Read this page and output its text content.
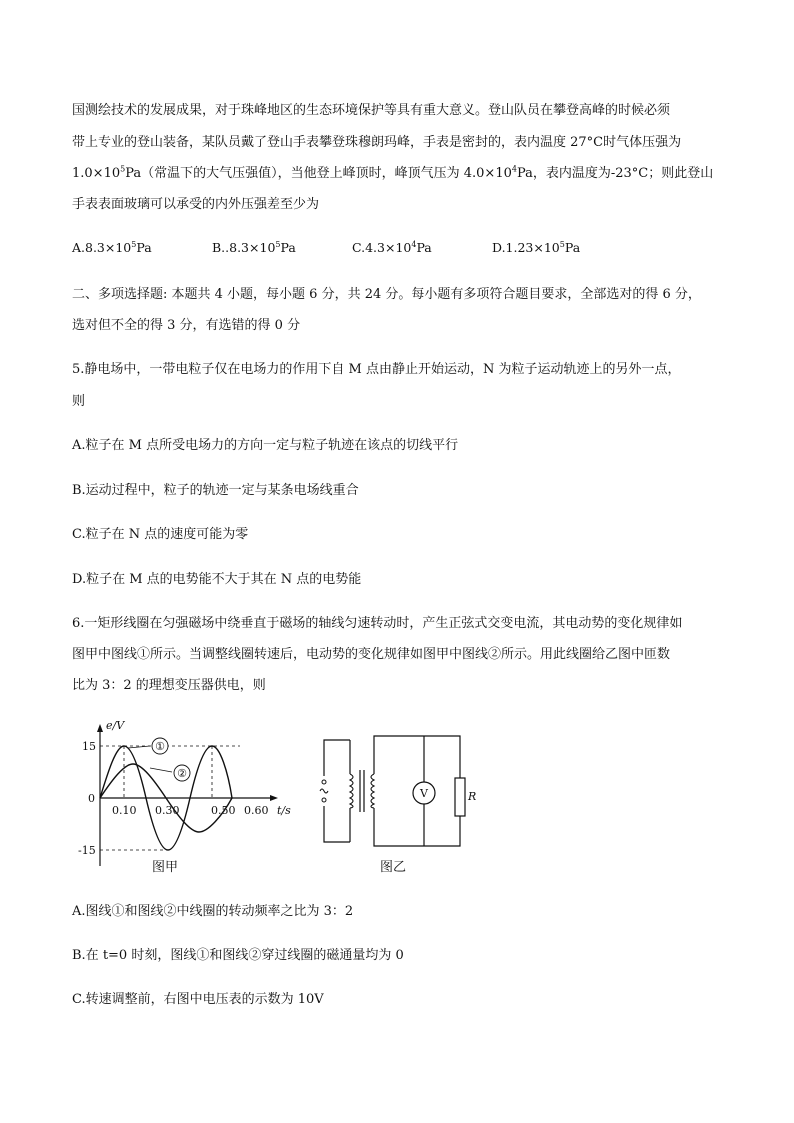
国测绘技术的发展成果，对于珠峰地区的生态环境保护等具有重大意义。登山队员在攀登高峰的时候必须
带上专业的登山装备，某队员戴了登山手表攀登珠穆朗玛峰，手表是密封的，表内温度 27°C时气体压强为
$1.0\times 10^5Pa$（常温下的大气压强值），当他登上峰顶时，峰顶气压为 $4.0\times 10^4Pa$，表内温度为-23°C；则此登山
手表表面玻璃可以承受的内外压强差至少为
$A.8.3\times 10^5Pa$	$B..8.3\times 10^5Pa$	$C.4.3\times 10^4Pa$	$D.1.23\times 10^5Pa$
二、多项选择题: 本题共 4 小题，每小题 6 分，共 24 分。每小题有多项符合题目要求，全部选对的得 6 分，
选对但不全的得 3 分，有选错的得 0 分
5.静电场中，一带电粒子仅在电场力的作用下自 M 点由静止开始运动，N 为粒子运动轨迹上的另外一点，
则
A.粒子在 M 点所受电场力的方向一定与粒子轨迹在该点的切线平行
B.运动过程中，粒子的轨迹一定与某条电场线重合
C.粒子在 N 点的速度可能为零
D.粒子在 M 点的电势能不大于其在 N 点的电势能
6.一矩形线圈在匀强磁场中绕垂直于磁场的轴线匀速转动时，产生正弦式交变电流，其电动势的变化规律如
图甲中图线①所示。当调整线圈转速后，电动势的变化规律如图甲中图线②所示。用此线圈给乙图中匝数
比为 3：2 的理想变压器供电，则
①
②
e/V
t/s
15
0
-15
0.10 0.30	0.50 0.60
图甲
V	R
图乙
A.图线①和图线②中线圈的转动频率之比为 3：2
B.在 t=0 时刻，图线①和图线②穿过线圈的磁通量均为 0
C.转速调整前，右图中电压表的示数为 10V
